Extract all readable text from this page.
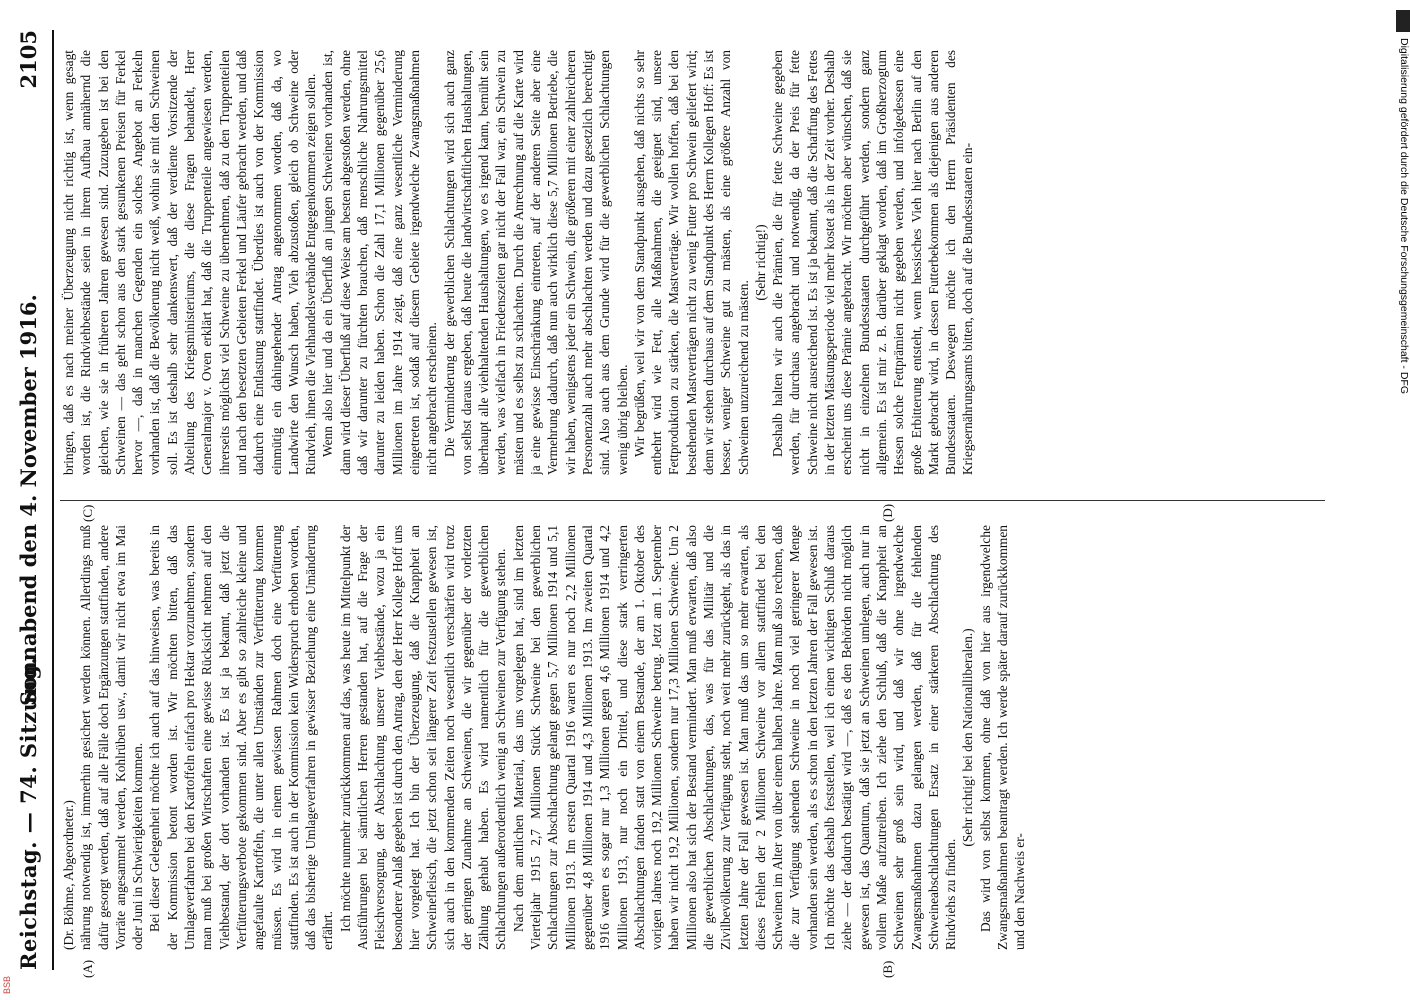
Reichstag. — 74. Sitzung.
Sonnabend den 4. November 1916.
2105
(A)	(B)
(C)	(D)

(Dr. Böhme, Abgeordneter.) nährung notwendig ist, immerhin gesichert werden können. Allerdings muß dafür gesorgt werden, daß auf alle Fälle doch Ergänzungen stattfinden, andere Vorräte angesammelt werden, Kohlrüben usw., damit wir nicht etwa im Mai oder Juni in Schwierigkeiten kommen. Bei dieser Gelegenheit möchte ich auch auf das hinweisen, was bereits in der Kommission betont worden ist. Wir möchten bitten, daß das Umlageverfahren bei den Kartoffeln einfach pro Hektar vorzunehmen, sondern man muß bei großen Wirtschaften eine gewisse Rücksicht nehmen auf den Viehbestand, der dort vorhanden ist. Es ist ja bekannt, daß jetzt die Verfütterungsverbote gekommen sind. Aber es gibt so zahlreiche kleine und angefaulte Kartoffeln, die unter allen Umständen zur Verfütterung kommen müssen. Es wird in einem gewissen Rahmen doch eine Verfütterung stattfinden. Es ist auch in der Kommission kein Widerspruch erhoben worden, daß das bisherige Umlageverfahren in gewisser Beziehung eine Umänderung erfährt. Ich möchte nunmehr zurückkommen auf das, was heute im Mittelpunkt der Ausführungen bei sämtlichen Herren gestanden hat, auf die Frage der Fleischversorgung, der Abschlachtung unserer Viehbestände, wozu ja ein besonderer Anlaß gegeben ist durch den Antrag, den der Herr Kollege Hoff uns hier vorgelegt hat. Ich bin der Überzeugung, daß die Knappheit an Schweinefleisch, die jetzt schon seit längerer Zeit festzustellen gewesen ist, sich auch in den kommenden Zeiten noch wesentlich verschärfen wird trotz der geringen Zunahme an Schweinen, die wir gegenüber der vorletzten Zählung gehabt haben. Es wird namentlich für die gewerblichen Schlachtungen außerordentlich wenig an Schweinen zur Verfügung stehen. Nach dem amtlichen Material, das uns vorgelegen hat, sind im letzten Vierteljahr 1915 2,7 Millionen Stück Schweine bei den gewerblichen Schlachtungen zur Abschlachtung gelangt gegen 5,7 Millionen 1914 und 5,1 Millionen 1913. Im ersten Quartal 1916 waren es nur noch 2,2 Millionen gegenüber 4,8 Millionen 1914 und 4,3 Millionen 1913. Im zweiten Quartal 1916 waren es sogar nur 1,3 Millionen gegen 4,6 Millionen 1914 und 4,2 Millionen 1913, nur noch ein Drittel, und diese stark verringerten Abschlachtungen fanden statt von einem Bestande, der am 1. Oktober des vorigen Jahres noch 19,2 Millionen Schweine betrug. Jetzt am 1. September haben wir nicht 19,2 Millionen, sondern nur 17,3 Millionen Schweine. Um 2 Millionen also hat sich der Bestand vermindert. Man muß erwarten, daß also die gewerblichen Abschlachtungen, das, was für das Militär und die Zivilbevölkerung zur Verfügung steht, noch weit mehr zurückgeht, als das in letzten Jahre der Fall gewesen ist. Man muß das um so mehr erwarten, als dieses Fehlen der 2 Millionen Schweine vor allem stattfindet bei den Schweinen im Alter von über einem halben Jahre. Man muß also rechnen, daß die zur Verfügung stehenden Schweine in noch viel geringerer Menge vorhanden sein werden, als es schon in den letzten Jahren der Fall gewesen ist. Ich möchte das deshalb feststellen, weil ich einen wichtigen Schluß daraus ziehe — der dadurch bestätigt wird —, daß es den Behörden nicht möglich gewesen ist, das Quantum, daß sie jetzt an Schweinen umlegen, auch nur in vollem Maße aufzutreiben. Ich ziehe den Schluß, daß die Knappheit an Schweinen sehr groß sein wird, und daß wir ohne irgendwelche Zwangsmaßnahmen dazu gelangen werden, daß für die fehlenden Schweineabschlachtungen Ersatz in einer stärkeren Abschlachtung des Rindviehs zu finden.

(Sehr richtig! bei den Nationalliberalen.) Das wird von selbst kommen, ohne daß von hier aus irgendwelche Zwangsmaßnahmen beantragt werden. Ich werde später darauf zurückkommen und den Nachweis er-

bringen, daß es nach meiner Überzeugung nicht richtig ist, wenn gesagt worden ist, die Rindviehbestände seien in ihrem Aufbau annähernd die gleichen, wie sie in früheren Jahren gewesen sind. Zuzugeben ist bei den Schweinen — das geht schon aus den stark gesunkenen Preisen für Ferkel hervor —, daß in manchen Gegenden ein solches Angebot an Ferkeln vorhanden ist, daß die Bevölkerung nicht weiß, wohin sie mit den Schweinen soll. Es ist deshalb sehr dankenswert, daß der verdiente Vorsitzende der Abteilung des Kriegsministeriums, die diese Fragen behandelt, Herr Generalmajor v. Oven erklärt hat, daß die Truppenteile angewiesen werden, ihrerseits möglichst viel Schweine zu übernehmen, daß zu den Truppenteilen und nach den besetzten Gebieten Ferkel und Läufer gebracht werden, und daß dadurch eine Entlastung stattfindet. Überdies ist auch von der Kommission einmütig ein dahingehender Antrag angenommen worden, daß da, wo Landwirte den Wunsch haben, Vieh abzustoßen, gleich ob Schweine oder Rindvieh, ihnen die Viehhandelsverbände Entgegenkommen zeigen sollen. Wenn also hier und da ein Überfluß an jungen Schweinen vorhanden ist, dann wird dieser Überfluß auf diese Weise am besten abgestoßen werden, ohne daß wir darunter zu fürchten brauchen, daß menschliche Nahrungsmittel darunter zu leiden haben. Schon die Zahl 17,1 Millionen gegenüber 25,6 Millionen im Jahre 1914 zeigt, daß eine ganz wesentliche Verminderung eingetreten ist, sodaß auf diesem Gebiete irgendwelche Zwangsmaßnahmen nicht angebracht erscheinen. Die Verminderung der gewerblichen Schlachtungen wird sich auch ganz von selbst daraus ergeben, daß heute die landwirtschaftlichen Haushaltungen, überhaupt alle viehhaltenden Haushaltungen, wo es irgend kann, bemüht sein werden, was vielfach in Friedenszeiten gar nicht der Fall war, ein Schwein zu mästen und es selbst zu schlachten. Durch die Anrechnung auf die Karte wird ja eine gewisse Einschränkung eintreten, auf der anderen Seite aber eine Vermehrung dadurch, daß nun auch wirklich diese 5,7 Millionen Betriebe, die wir haben, wenigstens jeder ein Schwein, die größeren mit einer zahlreicheren Personenzahl auch mehr abschlachten werden und dazu gesetzlich berechtigt sind. Also auch aus dem Grunde wird für die gewerblichen Schlachtungen wenig übrig bleiben. Wir begrüßen, weil wir von dem Standpunkt ausgehen, daß nichts so sehr entbehrt wird wie Fett, alle Maßnahmen, die geeignet sind, unsere Fettproduktion zu stärken, die Mastverträge. Wir wollen hoffen, daß bei den bestehenden Mastverträgen nicht zu wenig Futter pro Schwein geliefert wird; denn wir stehen durchaus auf dem Standpunkt des Herrn Kollegen Hoff: Es ist besser, weniger Schweine gut zu mästen, als eine größere Anzahl von Schweinen unzureichend zu mästen.

(Sehr richtig!) Deshalb halten wir auch die Prämien, die für fette Schweine gegeben werden, für durchaus angebracht und notwendig, da der Preis für fette Schweine nicht ausreichend ist. Es ist ja bekannt, daß die Schaffung des Fettes in der letzten Mästungsperiode viel mehr kostet als in der Zeit vorher. Deshalb erscheint uns diese Prämie angebracht. Wir möchten aber wünschen, daß sie nicht in einzelnen Bundesstaaten durchgeführt werden, sondern ganz allgemein. Es ist mir z. B. darüber geklagt worden, daß im Großherzogtum Hessen solche Fettprämien nicht gegeben werden, und infolgedessen eine große Erbitterung entsteht, wenn hessisches Vieh hier nach Berlin auf den Markt gebracht wird, in dessen Futterbekommen als diejenigen aus anderen Bundesstaaten. Deswegen möchte ich den Herrn Präsidenten des Kriegsernährungsamts bitten, doch auf die Bundesstaaten ein-	Digitalisierung gefördert durch die Deutsche Forschungsgemeinschaft - DFG
BSB
